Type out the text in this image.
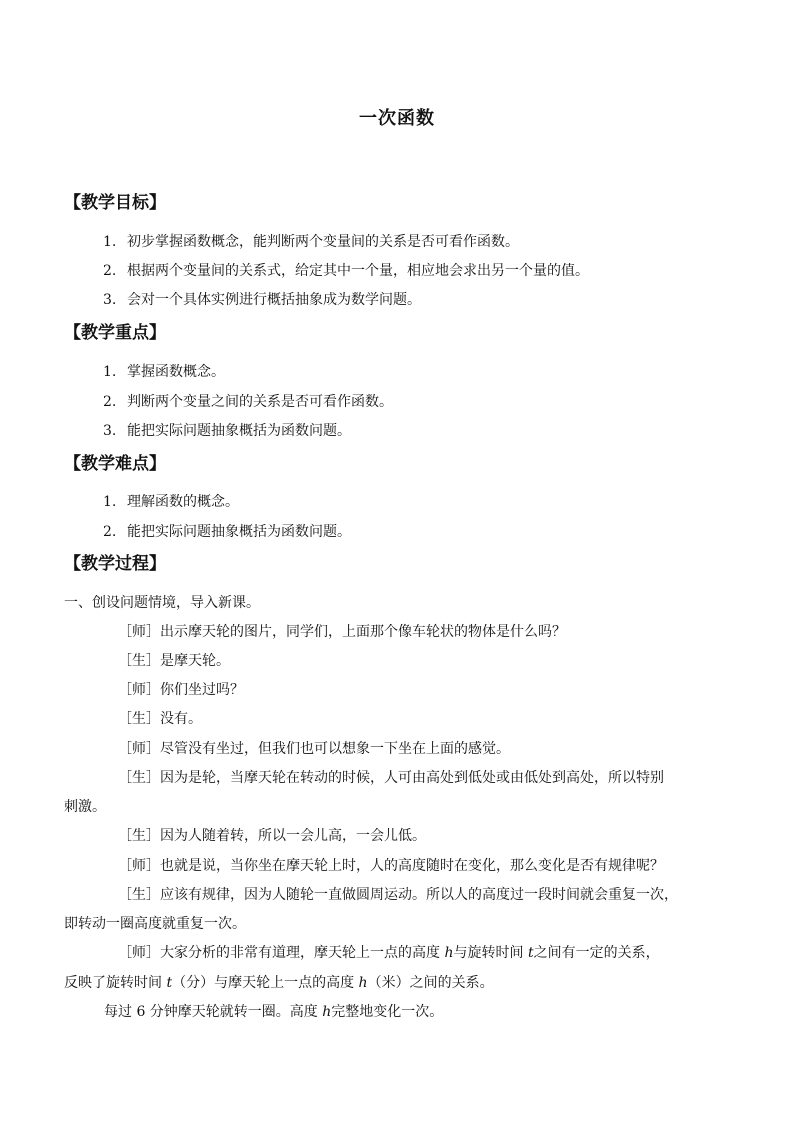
一次函数
【教学目标】
1. 初步掌握函数概念，能判断两个变量间的关系是否可看作函数。
2. 根据两个变量间的关系式，给定其中一个量，相应地会求出另一个量的值。
3. 会对一个具体实例进行概括抽象成为数学问题。
【教学重点】
1. 掌握函数概念。
2. 判断两个变量之间的关系是否可看作函数。
3. 能把实际问题抽象概括为函数问题。
【教学难点】
1. 理解函数的概念。
2. 能把实际问题抽象概括为函数问题。
【教学过程】
一、创设问题情境，导入新课。
［师］出示摩天轮的图片，同学们，上面那个像车轮状的物体是什么吗？
［生］是摩天轮。
［师］你们坐过吗？
［生］没有。
［师］尽管没有坐过，但我们也可以想象一下坐在上面的感觉。
［生］因为是轮，当摩天轮在转动的时候，人可由高处到低处或由低处到高处，所以特别
刺激。
［生］因为人随着转，所以一会儿高，一会儿低。
［师］也就是说，当你坐在摩天轮上时，人的高度随时在变化，那么变化是否有规律呢？
［生］应该有规律，因为人随轮一直做圆周运动。所以人的高度过一段时间就会重复一次，
即转动一圈高度就重复一次。
［师］大家分析的非常有道理，摩天轮上一点的高度 h与旋转时间 t之间有一定的关系，
反映了旋转时间 t（分）与摩天轮上一点的高度 h（米）之间的关系。
每过 6 分钟摩天轮就转一圈。高度 h完整地变化一次。
